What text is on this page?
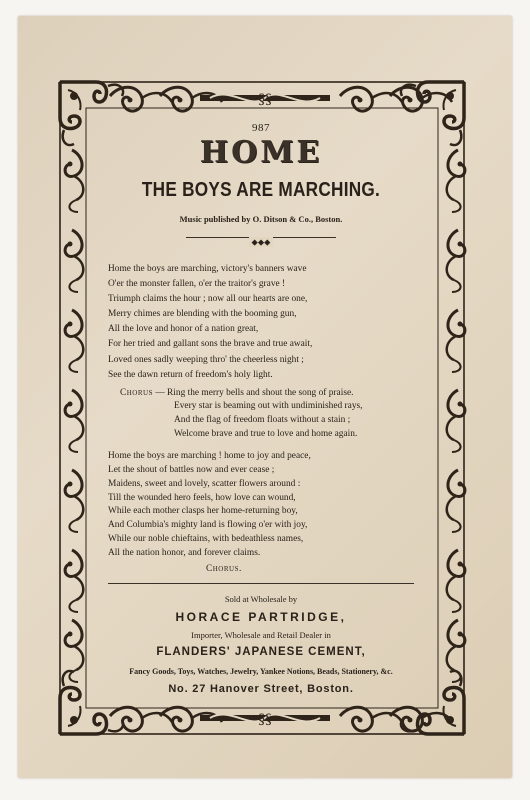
§§
§§

987

HOME

THE BOYS ARE MARCHING.

Music published by O. Ditson & Co., Boston.

⬥⬥⬥
Home the boys are marching, victory's banners wave
O'er the monster fallen, o'er the traitor's grave !
Triumph claims the hour ; now all our hearts are one,
Merry chimes are blending with the booming gun,
All the love and honor of a nation great,
For her tried and gallant sons the brave and true await,
Loved ones sadly weeping thro' the cheerless night ;
See the dawn return of freedom's holy light.
Chorus — Ring the merry bells and shout the song of praise.
Every star is beaming out with undiminished rays,
And the flag of freedom floats without a stain ;
Welcome brave and true to love and home again.
Home the boys are marching ! home to joy and peace,
Let the shout of battles now and ever cease ;
Maidens, sweet and lovely, scatter flowers around :
Till the wounded hero feels, how love can wound,
While each mother clasps her home-returning boy,
And Columbia's mighty land is flowing o'er with joy,
While our noble chieftains, with bedeathless names,
All the nation honor, and forever claims.
Chorus.

Sold at Wholesale by

HORACE PARTRIDGE,

Importer, Wholesale and Retail Dealer in

FLANDERS' JAPANESE CEMENT,

Fancy Goods, Toys, Watches, Jewelry, Yankee Notions, Beads, Stationery, &c.

No. 27 Hanover Street, Boston.
